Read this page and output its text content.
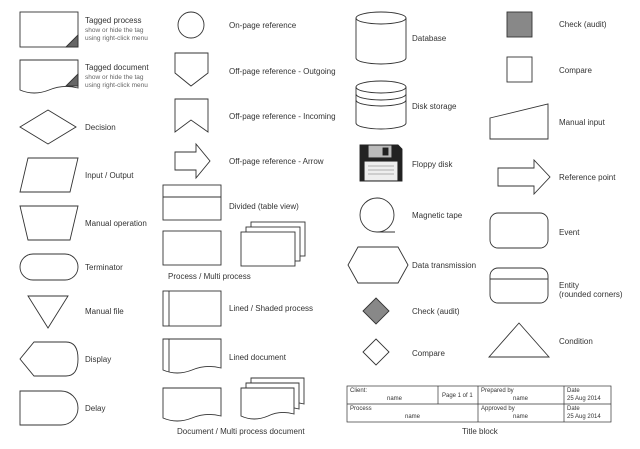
Tagged process
show or hide the tag
using right-click menu
Tagged document
show or hide the tag
using right-click menu
Decision
Input / Output
Manual operation
Terminator
Manual file
Display
Delay
On-page reference
Off-page reference - Outgoing
Off-page reference - Incoming
Off-page reference - Arrow
Divided (table view)
Process / Multi process
Lined / Shaded process
Lined document
Document / Multi process document
Database
Disk storage
Floppy disk
Magnetic tape
Data transmission
Check (audit)
Compare
Check (audit)
Compare
Manual input
Reference point
Event
Entity
(rounded corners)
Condition
Client:
name	Page 1 of 1
Prepared by
name
Date
25 Aug 2014
Process
name
Approved by
name
Date
25 Aug 2014
Title block
